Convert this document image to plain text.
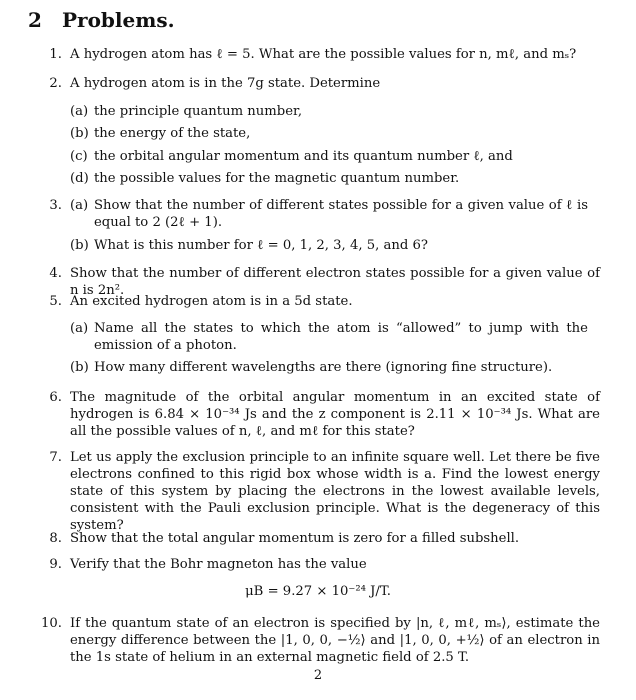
2 Problems.
1. A hydrogen atom has ℓ = 5. What are the possible values for n, mℓ, and mₛ?
2. A hydrogen atom is in the 7g state. Determine
(a) the principle quantum number,
(b) the energy of the state,
(c) the orbital angular momentum and its quantum number ℓ, and
(d) the possible values for the magnetic quantum number.
3. (a) Show that the number of different states possible for a given value of ℓ is equal to 2 (2ℓ + 1).
(b) What is this number for ℓ = 0, 1, 2, 3, 4, 5, and 6?
4. Show that the number of different electron states possible for a given value of n is 2n².
5. An excited hydrogen atom is in a 5d state.
(a) Name all the states to which the atom is “allowed” to jump with the emission of a photon.
(b) How many different wavelengths are there (ignoring fine structure).
6. The magnitude of the orbital angular momentum in an excited state of hydrogen is 6.84 × 10⁻³⁴ Js and the z component is 2.11 × 10⁻³⁴ Js. What are all the possible values of n, ℓ, and mℓ for this state?
7. Let us apply the exclusion principle to an infinite square well. Let there be five electrons confined to this rigid box whose width is a. Find the lowest energy state of this system by placing the electrons in the lowest available levels, consistent with the Pauli exclusion principle. What is the degeneracy of this system?
8. Show that the total angular momentum is zero for a filled subshell.
9. Verify that the Bohr magneton has the value
μB = 9.27 × 10⁻²⁴ J/T.
10. If the quantum state of an electron is specified by |n, ℓ, mℓ, mₛ⟩, estimate the energy difference between the |1, 0, 0, −½⟩ and |1, 0, 0, +½⟩ of an electron in the 1s state of helium in an external magnetic field of 2.5 T.
2
